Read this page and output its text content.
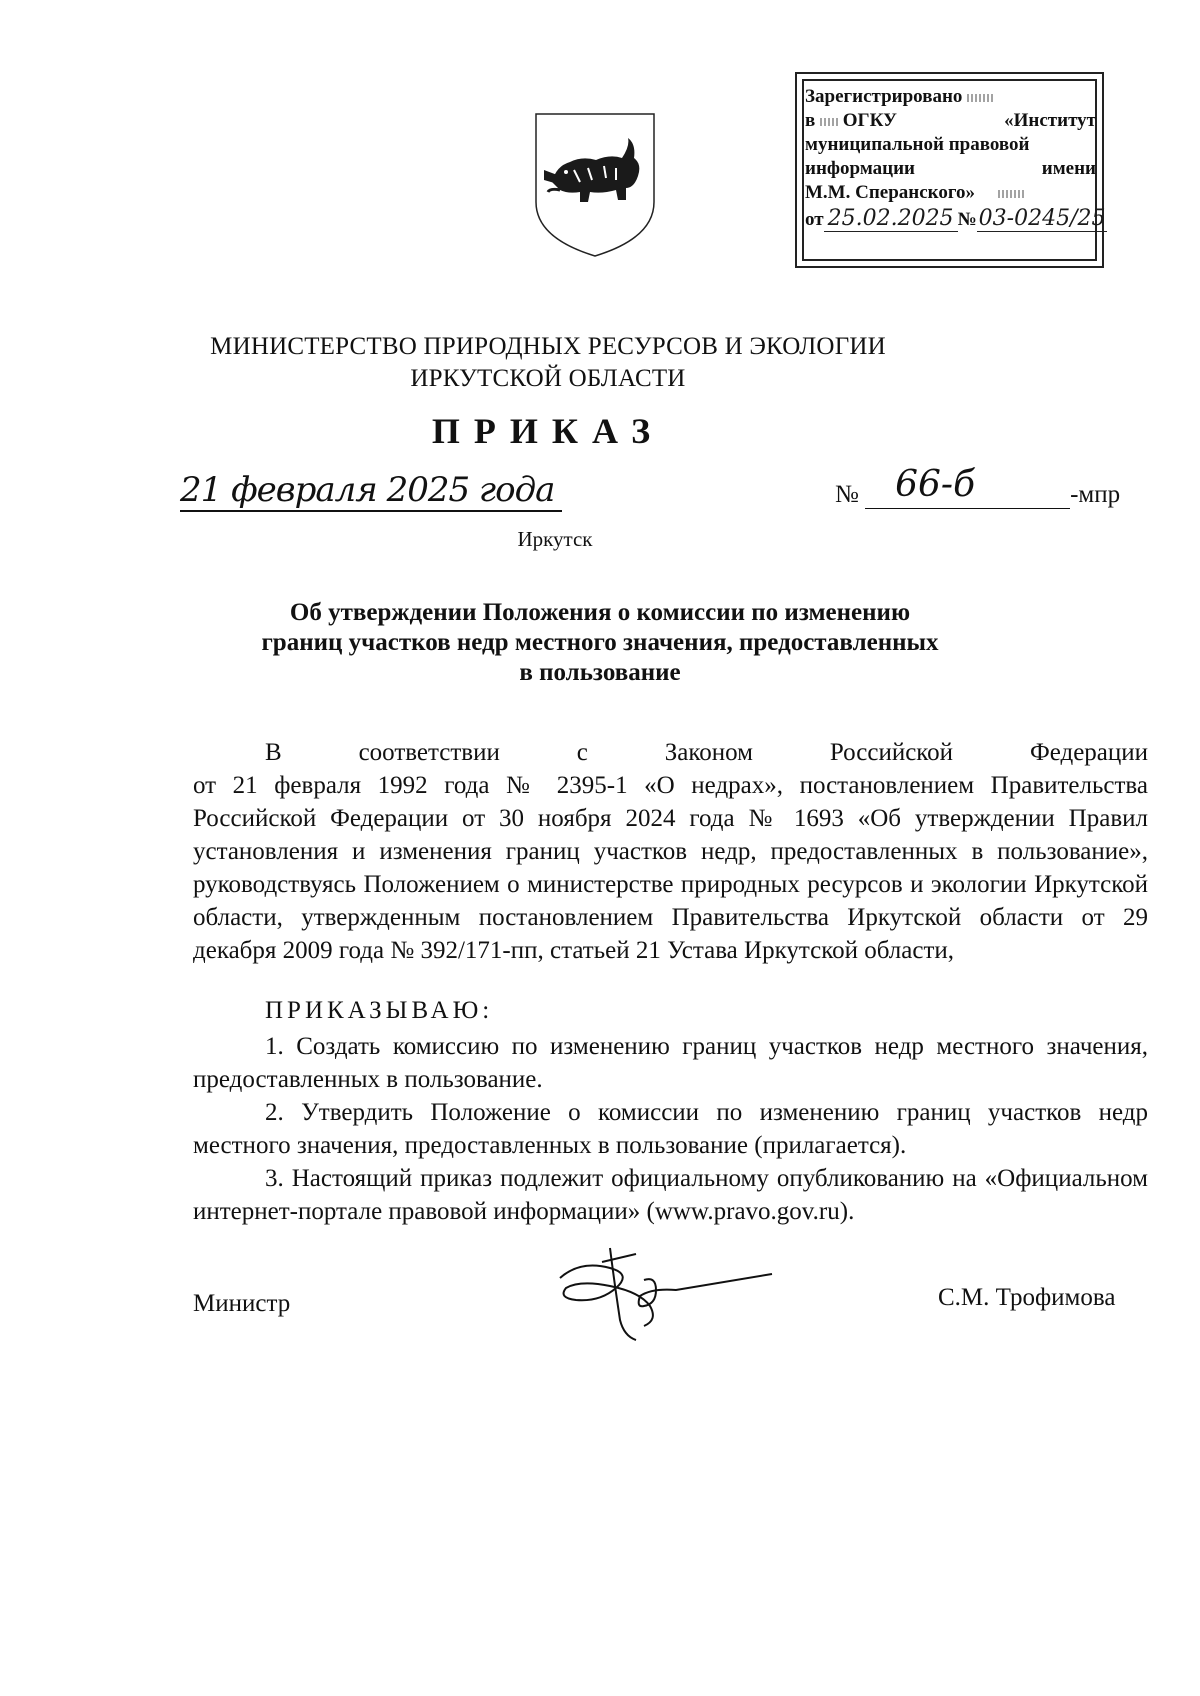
Зарегистрировано
в ОГКУ	«Институт
муниципальной правовой
информации	имени
М.М. Сперанского»
от 25.02.2025 №03-0245/25
МИНИСТЕРСТВО ПРИРОДНЫХ РЕСУРСОВ И ЭКОЛОГИИ
ИРКУТСКОЙ ОБЛАСТИ
ПРИКАЗ
21 февраля 2025 года	№ 66-б	-мпр
Иркутск
Об утверждении Положения о комиссии по изменению
границ участков недр местного значения, предоставленных
в пользование
В	соответствии	с	Законом	Российской	Федерации
от 21 февраля 1992 года № 2395-1 «О недрах», постановлением Правительства Российской Федерации от 30 ноября 2024 года № 1693 «Об утверждении Правил установления и изменения границ участков недр, предоставленных в пользование», руководствуясь Положением о министерстве природных ресурсов и экологии Иркутской области, утвержденным постановлением Правительства Иркутской области от 29 декабря 2009 года № 392/171-пп, статьей 21 Устава Иркутской области,
ПРИКАЗЫВАЮ:
1. Создать комиссию по изменению границ участков недр местного значения, предоставленных в пользование.
2. Утвердить Положение о комиссии по изменению границ участков недр местного значения, предоставленных в пользование (прилагается).
3. Настоящий приказ подлежит официальному опубликованию на «Официальном интернет-портале правовой информации» (www.pravo.gov.ru).
Министр	С.М. Трофимова
